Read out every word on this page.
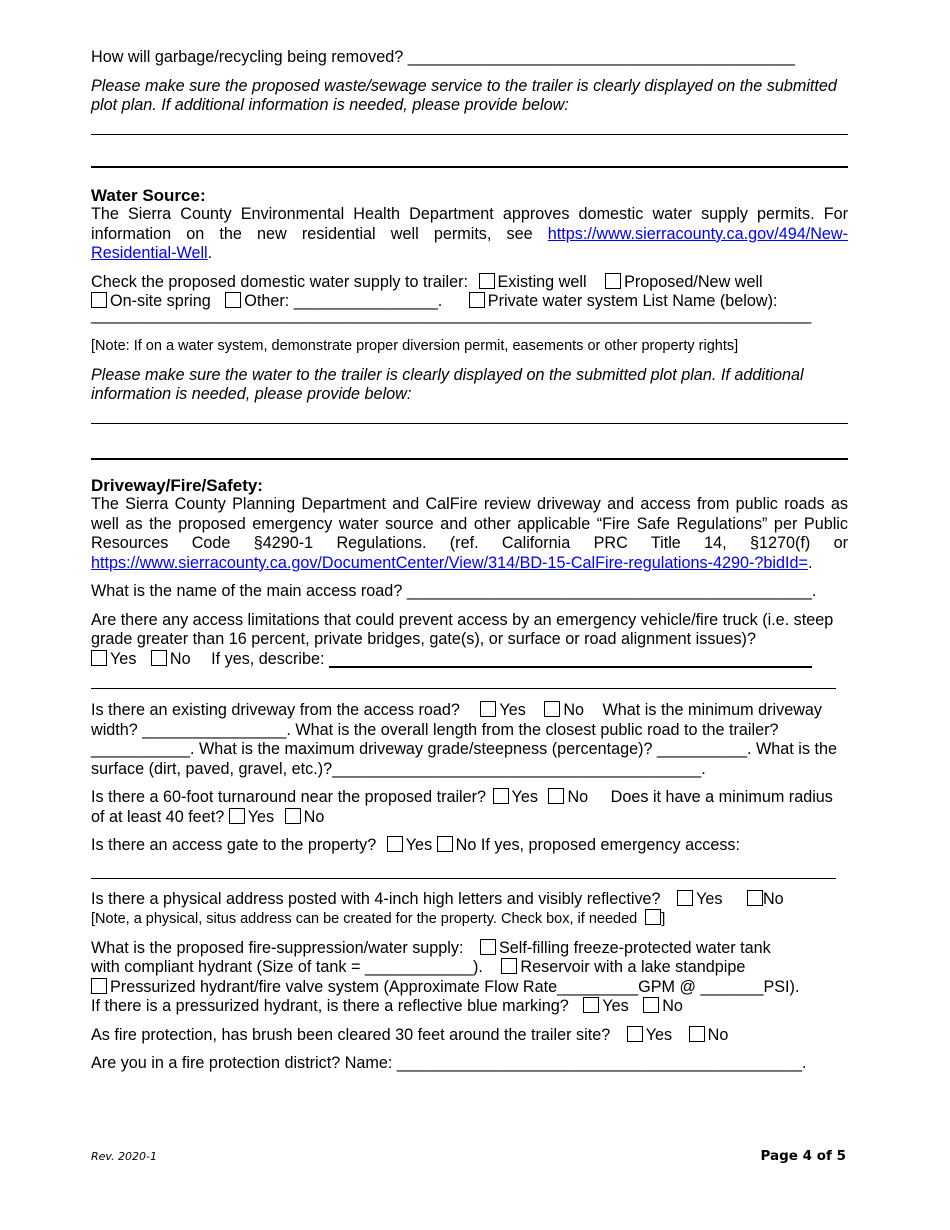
How will garbage/recycling being removed? ___________________________________________

Please make sure the proposed waste/sewage service to the trailer is clearly displayed on the submitted plot plan. If additional information is needed, please provide below:

Water Source:

The Sierra County Environmental Health Department approves domestic water supply permits. For information on the new residential well permits, see https://www.sierracounty.ca.gov/494/New-Residential-Well.

Check the proposed domestic water supply to trailer: Existing well Proposed/New well

On-site spring Other: ________________.	Private water system List Name (below):

________________________________________________________________________________

[Note: If on a water system, demonstrate proper diversion permit, easements or other property rights]

Please make sure the water to the trailer is clearly displayed on the submitted plot plan. If additional information is needed, please provide below:

Driveway/Fire/Safety:

The Sierra County Planning Department and CalFire review driveway and access from public roads as well as the proposed emergency water source and other applicable “Fire Safe Regulations” per Public Resources Code §4290-1 Regulations. (ref. California PRC Title 14, §1270(f) or https://www.sierracounty.ca.gov/DocumentCenter/View/314/BD-15-CalFire-regulations-4290-?bidId=.

What is the name of the main access road? _____________________________________________.

Are there any access limitations that could prevent access by an emergency vehicle/fire truck (i.e. steep grade greater than 16 percent, private bridges, gate(s), or surface or road alignment issues)?

Yes No If yes, describe:

Is there an existing driveway from the access road? Yes No What is the minimum driveway width? ________________. What is the overall length from the closest public road to the trailer? ___________. What is the maximum driveway grade/steepness (percentage)? __________. What is the surface (dirt, paved, gravel, etc.)?_________________________________________.

Is there a 60-foot turnaround near the proposed trailer? Yes No Does it have a minimum radius of at least 40 feet? Yes No

Is there an access gate to the property? Yes No If yes, proposed emergency access:

Is there a physical address posted with 4-inch high letters and visibly reflective? Yes	No

[Note, a physical, situs address can be created for the property. Check box, if needed ]

What is the proposed fire-suppression/water supply: Self-filling freeze-protected water tank

with compliant hydrant (Size of tank = ____________). Reservoir with a lake standpipe

Pressurized hydrant/fire valve system (Approximate Flow Rate_________GPM @ _______PSI).

If there is a pressurized hydrant, is there a reflective blue marking? Yes No

As fire protection, has brush been cleared 30 feet around the trailer site? Yes No

Are you in a fire protection district? Name: _____________________________________________.

Rev. 2020-1	Page 4 of 5
